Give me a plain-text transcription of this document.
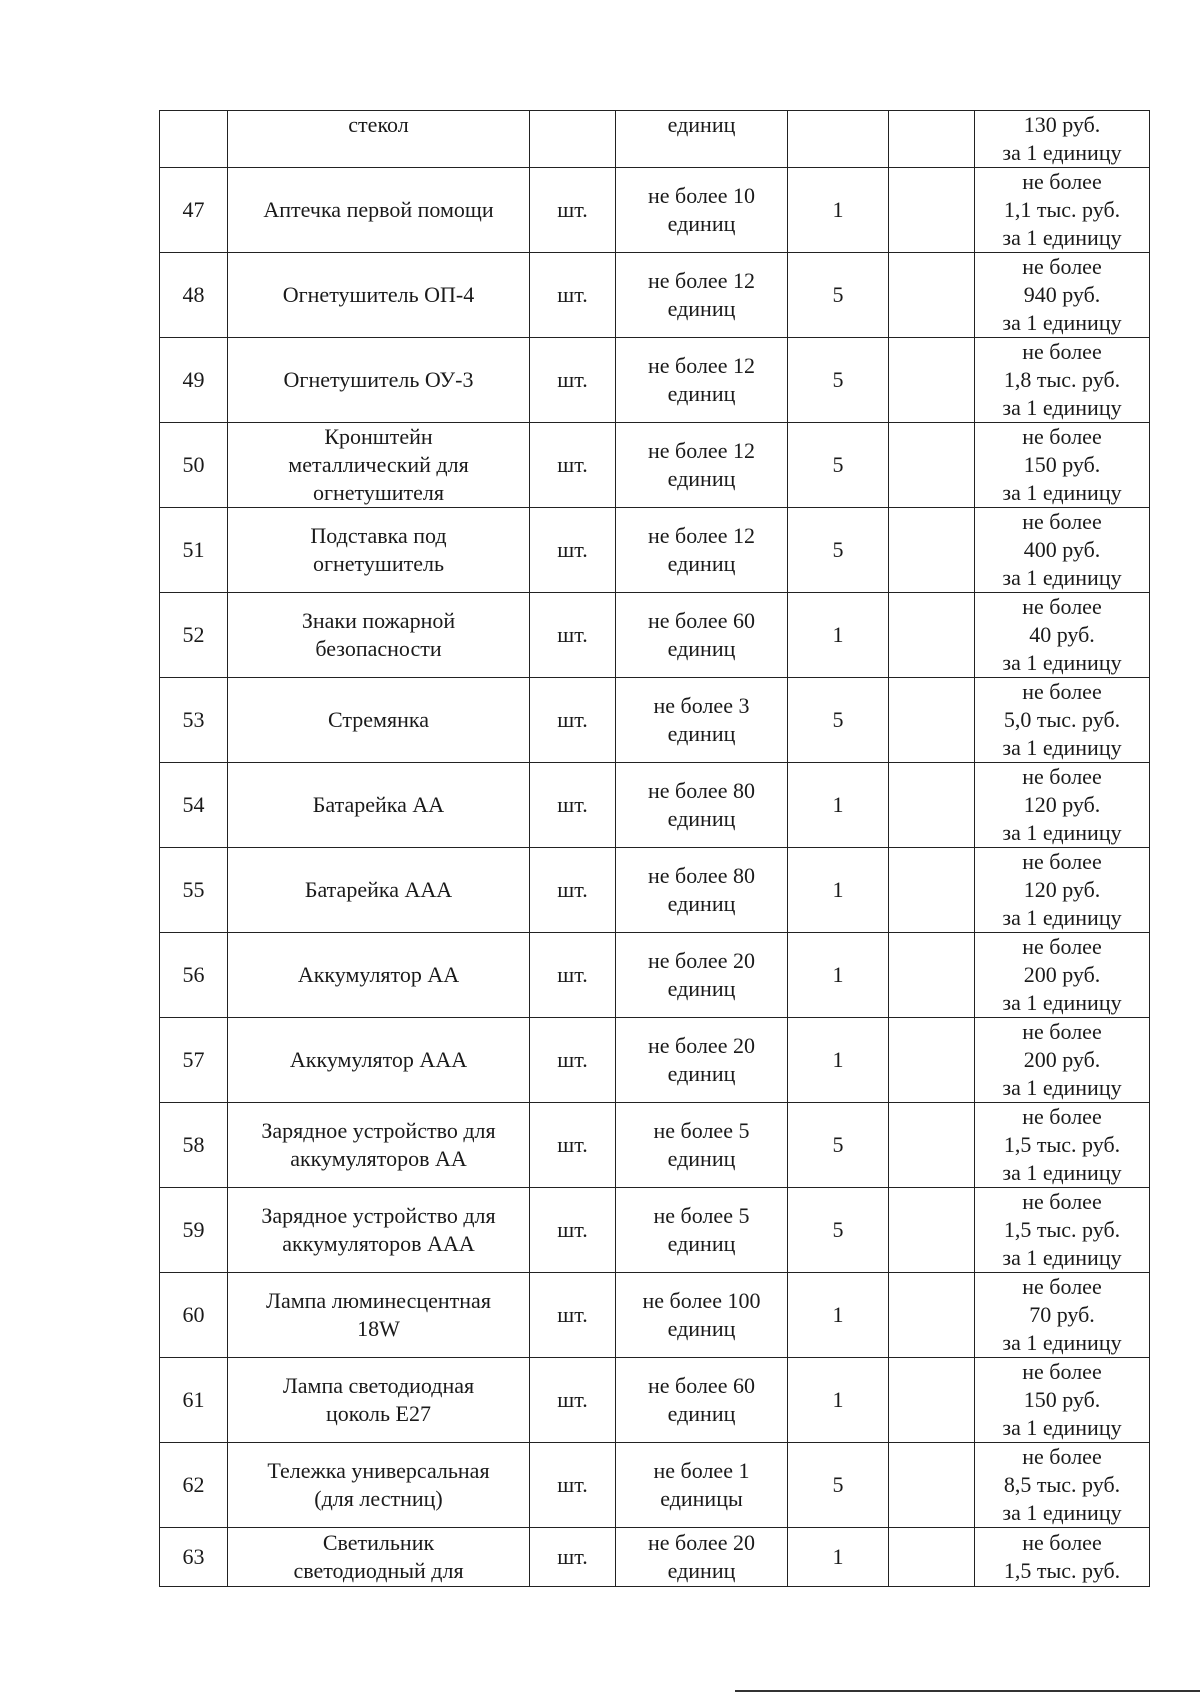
	стекол		единиц			130 руб.
за 1 единицу

47	Аптечка первой помощи	шт.	не более 10
единиц	1		не более
1,1 тыс. руб.
за 1 единицу

48	Огнетушитель ОП-4	шт.	не более 12
единиц	5		не более
940 руб.
за 1 единицу

49	Огнетушитель ОУ-3	шт.	не более 12
единиц	5		не более
1,8 тыс. руб.
за 1 единицу

50	Кронштейн
металлический для
огнетушителя	шт.	не более 12
единиц	5		не более
150 руб.
за 1 единицу

51	Подставка под
огнетушитель	шт.	не более 12
единиц	5		не более
400 руб.
за 1 единицу

52	Знаки пожарной
безопасности	шт.	не более 60
единиц	1		не более
40 руб.
за 1 единицу

53	Стремянка	шт.	не более 3
единиц	5		не более
5,0 тыс. руб.
за 1 единицу

54	Батарейка АА	шт.	не более 80
единиц	1		не более
120 руб.
за 1 единицу

55	Батарейка ААА	шт.	не более 80
единиц	1		не более
120 руб.
за 1 единицу

56	Аккумулятор АА	шт.	не более 20
единиц	1		не более
200 руб.
за 1 единицу

57	Аккумулятор ААА	шт.	не более 20
единиц	1		не более
200 руб.
за 1 единицу

58	Зарядное устройство для
аккумуляторов АА	шт.	не более 5
единиц	5		не более
1,5 тыс. руб.
за 1 единицу

59	Зарядное устройство для
аккумуляторов ААА	шт.	не более 5
единиц	5		не более
1,5 тыс. руб.
за 1 единицу

60	Лампа люминесцентная
18W	шт.	не более 100
единиц	1		не более
70 руб.
за 1 единицу

61	Лампа светодиодная
цоколь Е27	шт.	не более 60
единиц	1		не более
150 руб.
за 1 единицу

62	Тележка универсальная
(для лестниц)	шт.	не более 1
единицы	5		не более
8,5 тыс. руб.
за 1 единицу

63	Светильник
светодиодный для	шт.	не более 20
единиц	1		не более
1,5 тыс. руб.
